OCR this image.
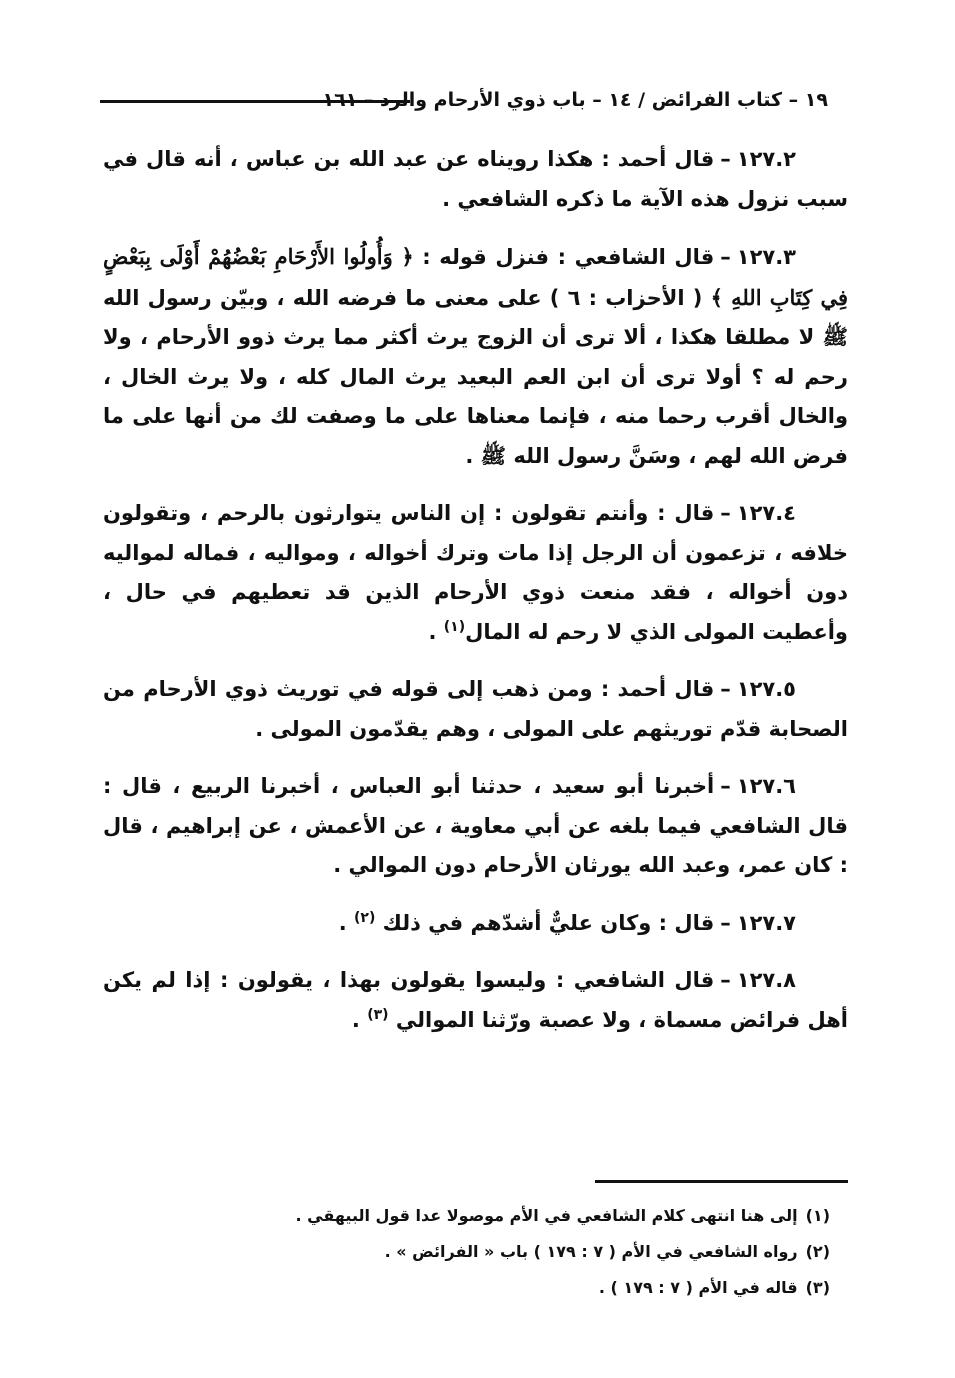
١٩ – كتاب الفرائض / ١٤ – باب ذوي الأرحام والرد – ١٦١

١٢٧.٢–قال أحمد : هكذا رويناه عن عبد الله بن عباس ، أنه قال في سبب نزول هذه الآية ما ذكره الشافعي .

١٢٧.٣–قال الشافعي : فنزل قوله : ﴿ وَأُولُوا الأَرْحَامِ بَعْضُهُمْ أَوْلَى بِبَعْضٍ فِي كِتَابِ اللهِ ﴾ ( الأحزاب : ٦ ) على معنى ما فرضه الله ، وبيّن رسول الله ﷺ لا مطلقا هكذا ، ألا ترى أن الزوج يرث أكثر مما يرث ذوو الأرحام ، ولا رحم له ؟ أولا ترى أن ابن العم البعيد يرث المال كله ، ولا يرث الخال ، والخال أقرب رحما منه ، فإنما معناها على ما وصفت لك من أنها على ما فرض الله لهم ، وسَنَّ رسول الله ﷺ .

١٢٧.٤–قال : وأنتم تقولون : إن الناس يتوارثون بالرحم ، وتقولون خلافه ، تزعمون أن الرجل إذا مات وترك أخواله ، ومواليه ، فماله لمواليه دون أخواله ، فقد منعت ذوي الأرحام الذين قد تعطيهم في حال ، وأعطيت المولى الذي لا رحم له المال$^{(١)}$ .

١٢٧.٥–قال أحمد : ومن ذهب إلى قوله في توريث ذوي الأرحام من الصحابة قدّم توريثهم على المولى ، وهم يقدّمون المولى .

١٢٧.٦–أخبرنا أبو سعيد ، حدثنا أبو العباس ، أخبرنا الربيع ، قال : قال الشافعي فيما بلغه عن أبي معاوية ، عن الأعمش ، عن إبراهيم ، قال : كان عمر، وعبد الله يورثان الأرحام دون الموالي .

١٢٧.٧–قال : وكان عليٌّ أشدّهم في ذلك $^{(٢)}$ .

١٢٧.٨–قال الشافعي : وليسوا يقولون بهذا ، يقولون : إذا لم يكن أهل فرائض مسماة ، ولا عصبة ورّثنا الموالي $^{(٣)}$ .

(١)إلى هنا انتهى كلام الشافعي في الأم موصولا عدا قول البيهقي .

(٢)رواه الشافعي في الأم ( ٧ : ١٧٩ ) باب « الفرائض » .

(٣)قاله في الأم ( ٧ : ١٧٩ ) .
